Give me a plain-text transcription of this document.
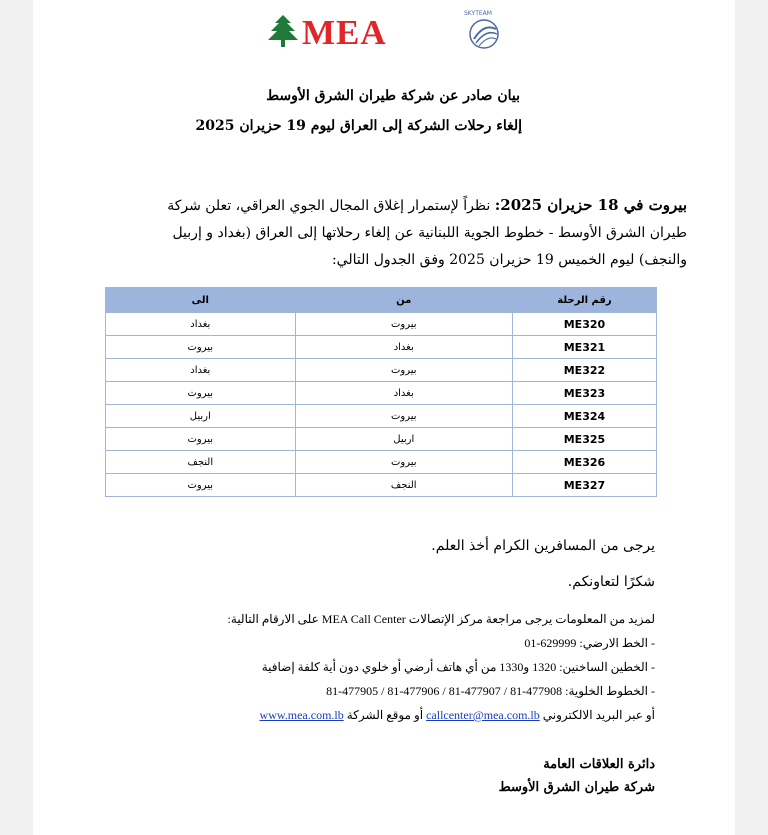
MEA	SKYTEAM
بيان صادر عن شركة طيران الشرق الأوسط
إلغاء رحلات الشركة إلى العراق ليوم 19 حزيران 2025
بيروت في 18 حزيران 2025: نظراً لإستمرار إغلاق المجال الجوي العراقي، تعلن شركة طيران الشرق الأوسط - خطوط الجوية اللبنانية عن إلغاء رحلاتها إلى العراق (بغداد و إربيل والنجف) ليوم الخميس 19 حزيران 2025 وفق الجدول التالي:
رقم الرحلة	من	الى
ME320	بيروت	بغداد
ME321	بغداد	بيروت
ME322	بيروت	بغداد
ME323	بغداد	بيروت
ME324	بيروت	اربيل
ME325	اربيل	بيروت
ME326	بيروت	النجف
ME327	النجف	بيروت
يرجى من المسافرين الكرام أخذ العلم.
شكرًا لتعاونكم.
لمزيد من المعلومات يرجى مراجعة مركز الإتصالات MEA Call Center على الارقام التالية:
- الخط الارضي: 629999-01
- الخطين الساخنين: 1320 و1330 من أي هاتف أرضي أو خلوي دون أية كلفة إضافية
- الخطوط الخلوية: 477908-81 / 477907-81 / 477906-81 / 477905-81
أو عبر البريد الالكتروني callcenter@mea.com.lb أو موقع الشركة www.mea.com.lb
دائرة العلاقات العامة
شركة طيران الشرق الأوسط
